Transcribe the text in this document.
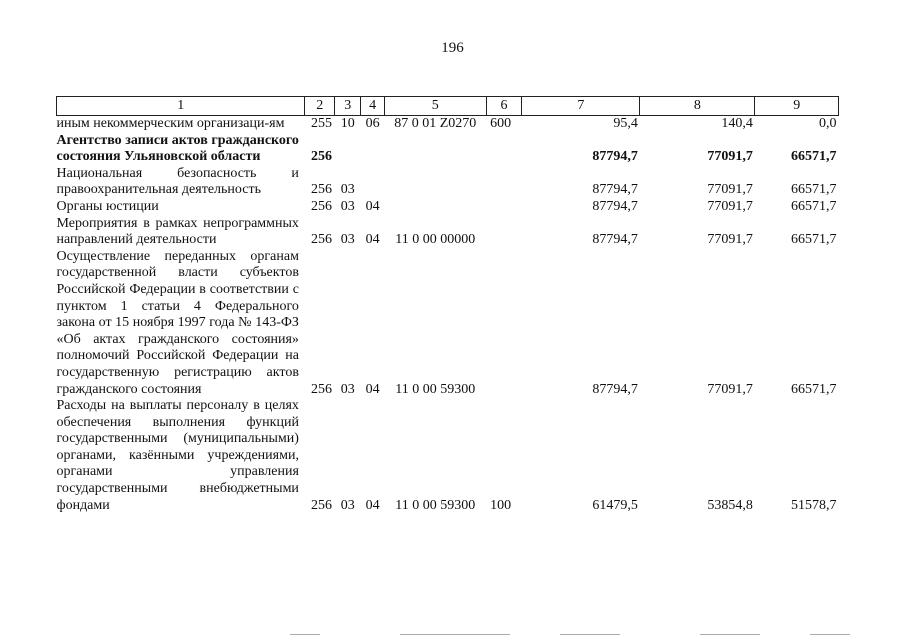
196
1	2	3	4	5	6	7	8	9
иным некоммерческим организаци-ям	255	10	06	87 0 01 Z0270	600	95,4	140,4	0,0
Агентство записи актов гражданского состояния Ульяновской области	256					87794,7	77091,7	66571,7
Национальная безопасность и правоохранительная деятельность	256	03				87794,7	77091,7	66571,7
Органы юстиции	256	03	04			87794,7	77091,7	66571,7
Мероприятия в рамках непрограммных направлений деятельности	256	03	04	11 0 00 00000		87794,7	77091,7	66571,7
Осуществление переданных органам государственной власти субъектов Российской Федерации в соответствии с пунктом 1 статьи 4 Федерального закона от 15 ноября 1997 года № 143-ФЗ «Об актах гражданского состояния» полномочий Российской Федерации на государственную регистрацию актов гражданского состояния	256	03	04	11 0 00 59300		87794,7	77091,7	66571,7
Расходы на выплаты персоналу в целях обеспечения выполнения функций государственными (муниципальными) органами, казёнными учреждениями, органами управления государственными внебюджетными фондами	256	03	04	11 0 00 59300	100	61479,5	53854,8	51578,7
